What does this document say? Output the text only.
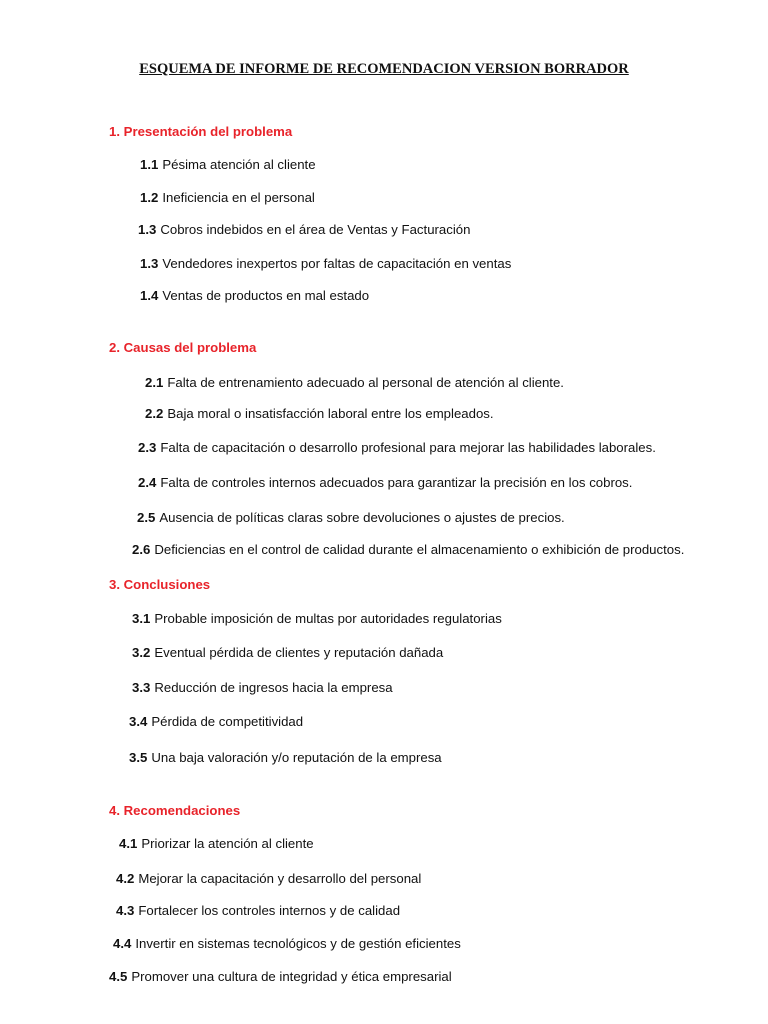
ESQUEMA DE INFORME DE RECOMENDACION VERSION BORRADOR

1. Presentación del problema

1.1 Pésima atención al cliente

1.2 Ineficiencia en el personal

1.3 Cobros indebidos en el área de Ventas y Facturación

1.3 Vendedores inexpertos por faltas de capacitación en ventas

1.4 Ventas de productos en mal estado

2. Causas del problema

2.1 Falta de entrenamiento adecuado al personal de atención al cliente.

2.2 Baja moral o insatisfacción laboral entre los empleados.

2.3 Falta de capacitación o desarrollo profesional para mejorar las habilidades laborales.

2.4 Falta de controles internos adecuados para garantizar la precisión en los cobros.

2.5 Ausencia de políticas claras sobre devoluciones o ajustes de precios.

2.6 Deficiencias en el control de calidad durante el almacenamiento o exhibición de productos.

3. Conclusiones

3.1 Probable imposición de multas por autoridades regulatorias

3.2 Eventual pérdida de clientes y reputación dañada

3.3 Reducción de ingresos hacia la empresa

3.4 Pérdida de competitividad

3.5 Una baja valoración y/o reputación de la empresa

4. Recomendaciones

4.1 Priorizar la atención al cliente

4.2 Mejorar la capacitación y desarrollo del personal

4.3 Fortalecer los controles internos y de calidad

4.4 Invertir en sistemas tecnológicos y de gestión eficientes

4.5 Promover una cultura de integridad y ética empresarial
